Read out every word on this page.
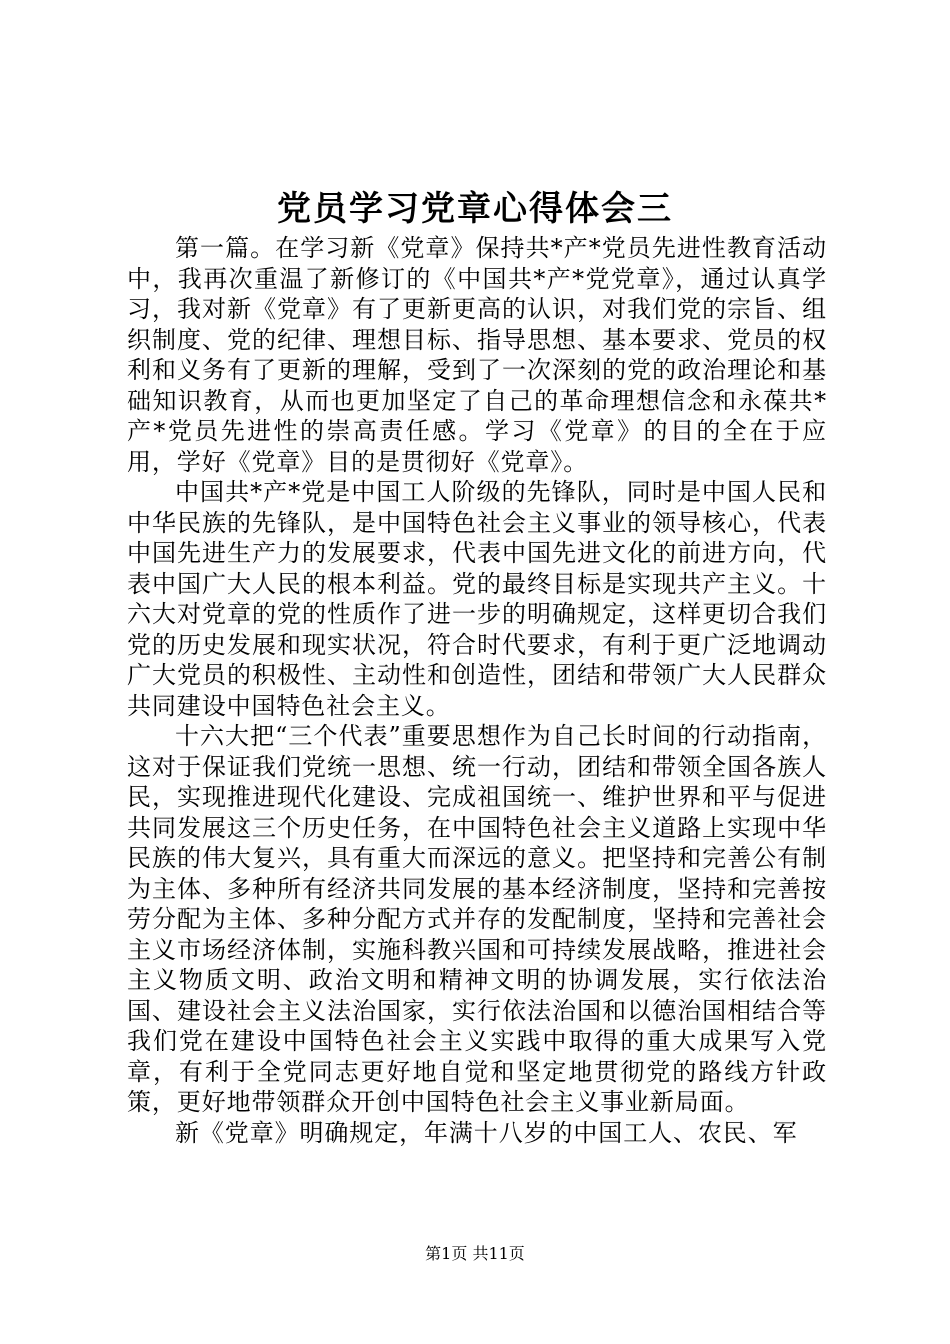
党员学习党章心得体会三

第一篇。在学习新《党章》保持共*产*党员先进性教育活动中，我再次重温了新修订的《中国共*产*党党章》，通过认真学习，我对新《党章》有了更新更高的认识，对我们党的宗旨、组织制度、党的纪律、理想目标、指导思想、基本要求、党员的权利和义务有了更新的理解，受到了一次深刻的党的政治理论和基础知识教育，从而也更加坚定了自己的革命理想信念和永葆共*产*党员先进性的崇高责任感。学习《党章》的目的全在于应用，学好《党章》目的是贯彻好《党章》。

中国共*产*党是中国工人阶级的先锋队，同时是中国人民和中华民族的先锋队，是中国特色社会主义事业的领导核心，代表中国先进生产力的发展要求，代表中国先进文化的前进方向，代表中国广大人民的根本利益。党的最终目标是实现共产主义。十六大对党章的党的性质作了进一步的明确规定，这样更切合我们党的历史发展和现实状况，符合时代要求，有利于更广泛地调动广大党员的积极性、主动性和创造性，团结和带领广大人民群众共同建设中国特色社会主义。

十六大把“三个代表”重要思想作为自己长时间的行动指南，这对于保证我们党统一思想、统一行动，团结和带领全国各族人民，实现推进现代化建设、完成祖国统一、维护世界和平与促进共同发展这三个历史任务，在中国特色社会主义道路上实现中华民族的伟大复兴，具有重大而深远的意义。把坚持和完善公有制为主体、多种所有经济共同发展的基本经济制度，坚持和完善按劳分配为主体、多种分配方式并存的发配制度，坚持和完善社会主义市场经济体制，实施科教兴国和可持续发展战略，推进社会主义物质文明、政治文明和精神文明的协调发展，实行依法治国、建设社会主义法治国家，实行依法治国和以德治国相结合等我们党在建设中国特色社会主义实践中取得的重大成果写入党章，有利于全党同志更好地自觉和坚定地贯彻党的路线方针政策，更好地带领群众开创中国特色社会主义事业新局面。

新《党章》明确规定，年满十八岁的中国工人、农民、军

第1页 共11页
